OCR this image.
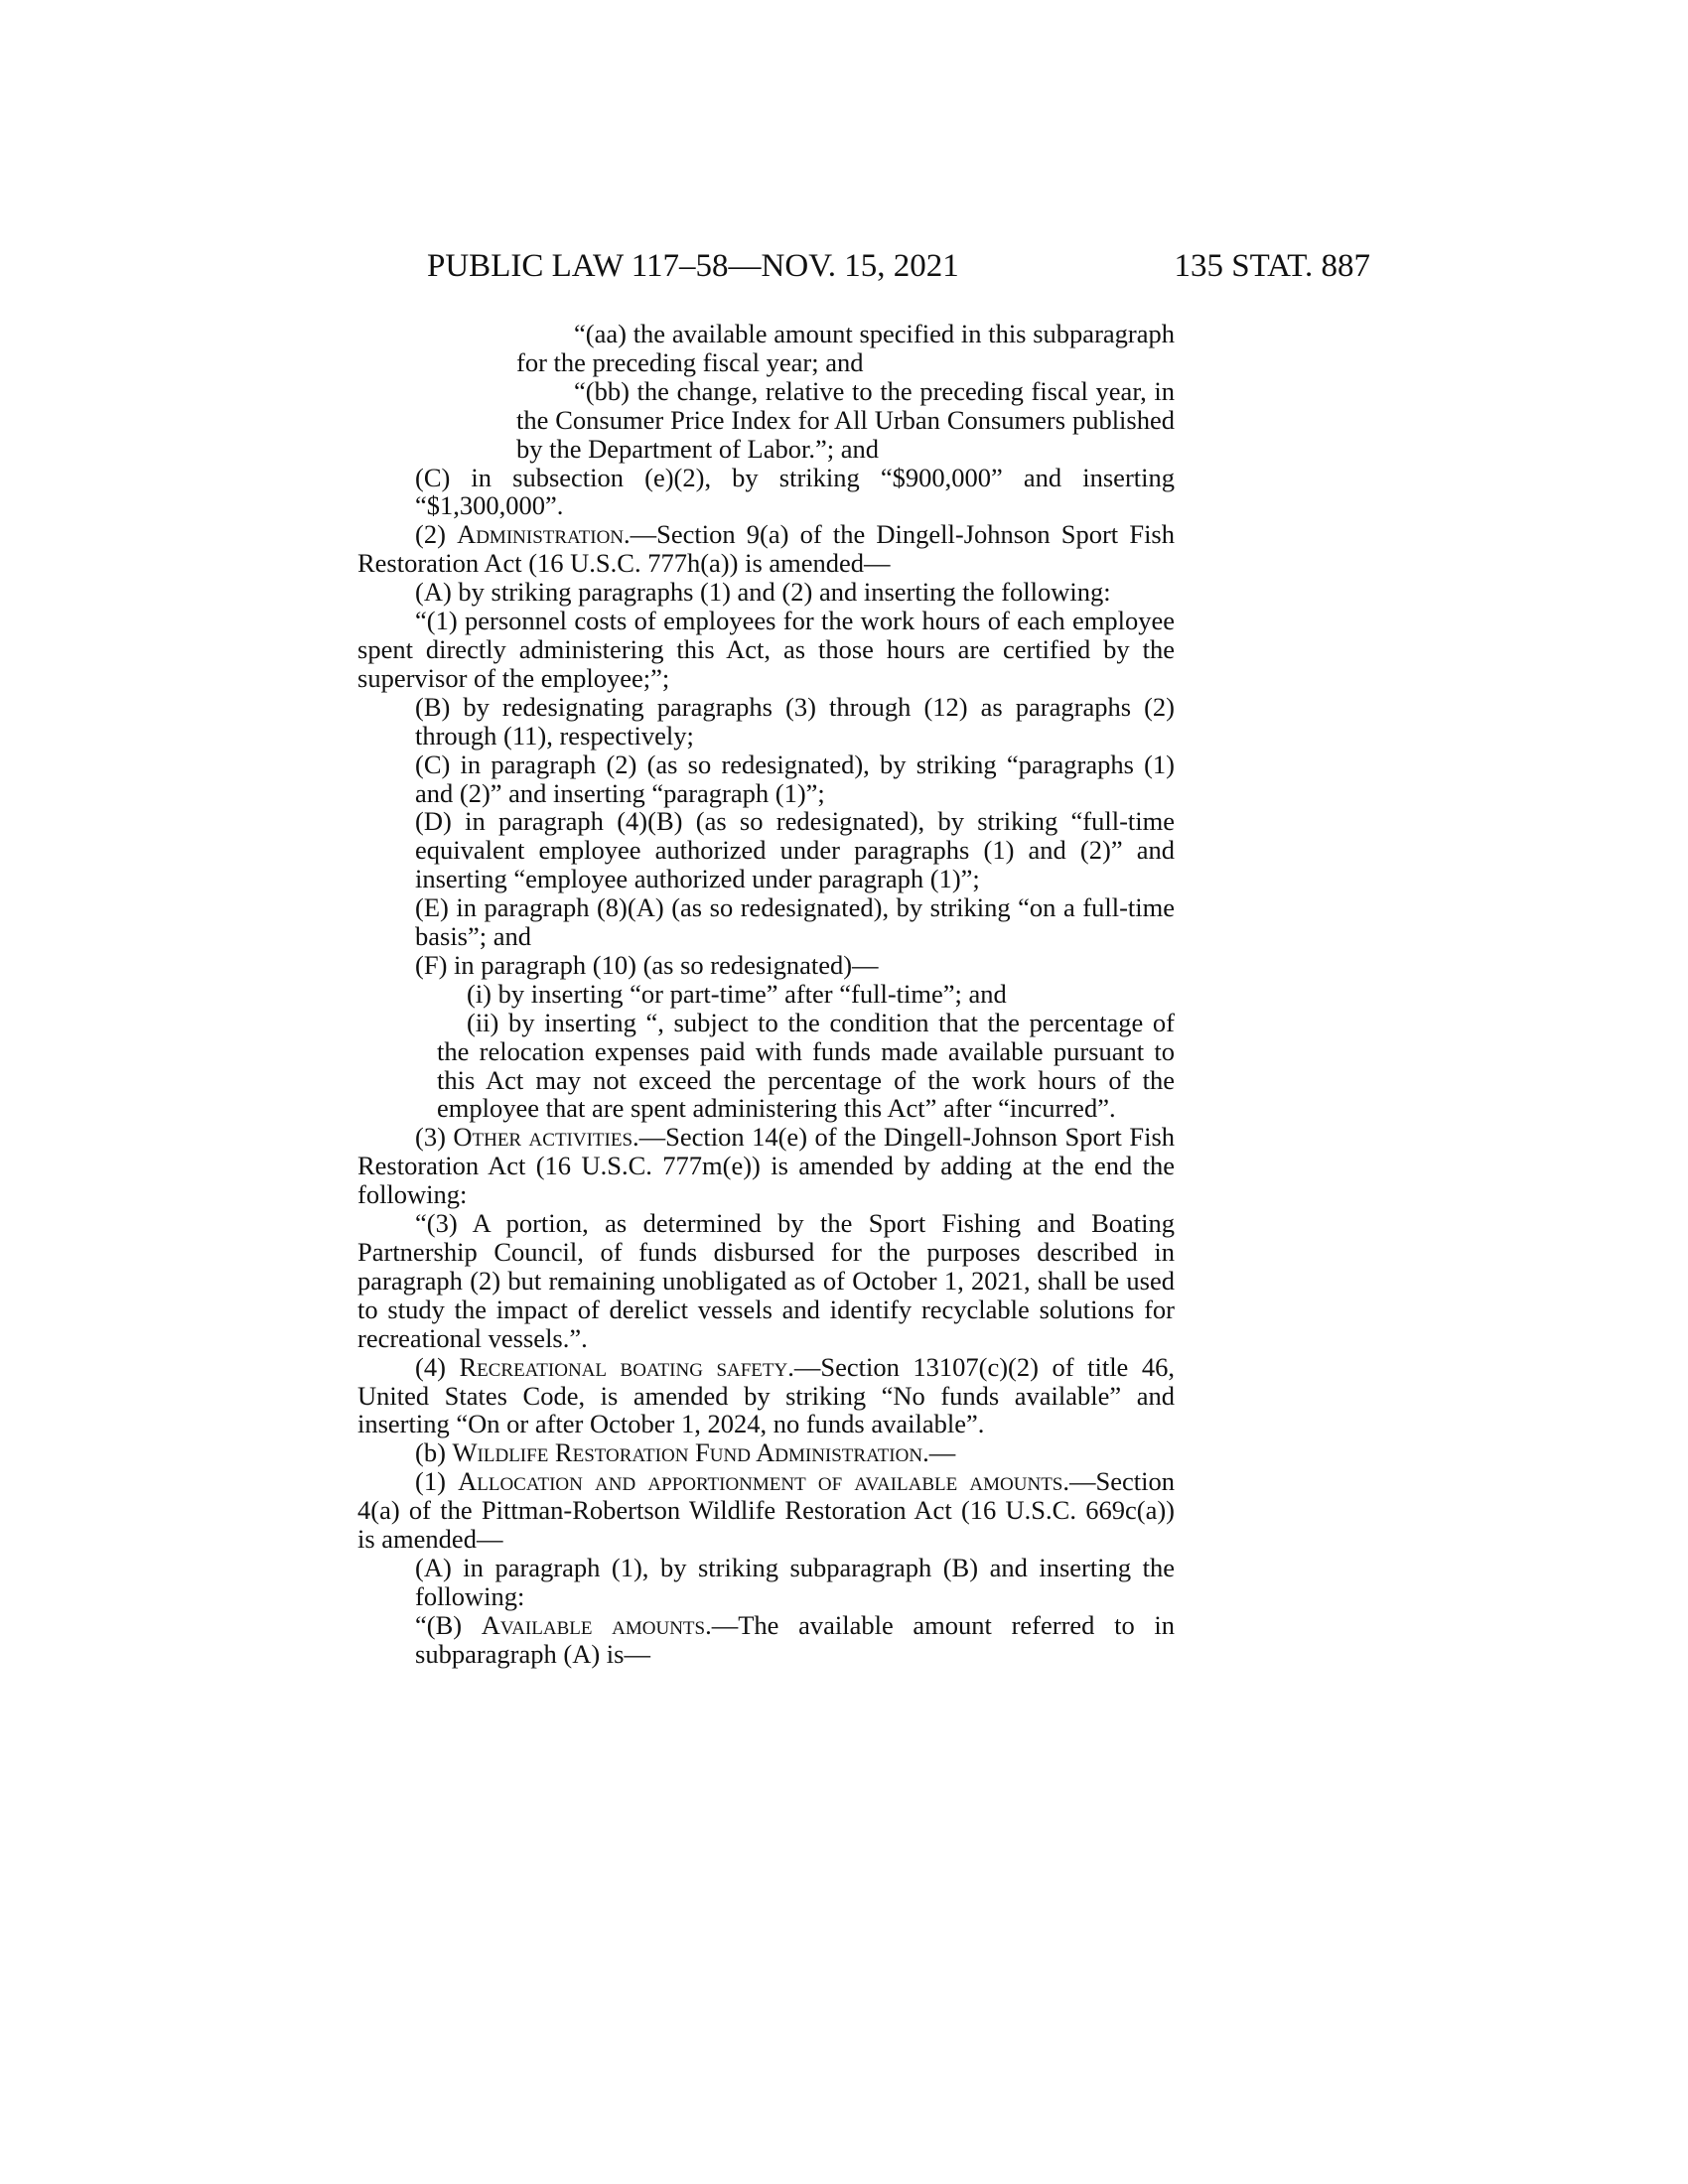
PUBLIC LAW 117–58—NOV. 15, 2021	135 STAT. 887

“(aa) the available amount specified in this subparagraph for the preceding fiscal year; and

“(bb) the change, relative to the preceding fiscal year, in the Consumer Price Index for All Urban Consumers published by the Department of Labor.”; and

(C) in subsection (e)(2), by striking “$900,000” and inserting “$1,300,000”.

(2) Administration.—Section 9(a) of the Dingell-Johnson Sport Fish Restoration Act (16 U.S.C. 777h(a)) is amended—

(A) by striking paragraphs (1) and (2) and inserting the following:

“(1) personnel costs of employees for the work hours of each employee spent directly administering this Act, as those hours are certified by the supervisor of the employee;”;

(B) by redesignating paragraphs (3) through (12) as paragraphs (2) through (11), respectively;

(C) in paragraph (2) (as so redesignated), by striking “paragraphs (1) and (2)” and inserting “paragraph (1)”;

(D) in paragraph (4)(B) (as so redesignated), by striking “full-time equivalent employee authorized under paragraphs (1) and (2)” and inserting “employee authorized under paragraph (1)”;

(E) in paragraph (8)(A) (as so redesignated), by striking “on a full-time basis”; and

(F) in paragraph (10) (as so redesignated)—

(i) by inserting “or part-time” after “full-time”; and

(ii) by inserting “, subject to the condition that the percentage of the relocation expenses paid with funds made available pursuant to this Act may not exceed the percentage of the work hours of the employee that are spent administering this Act” after “incurred”.

(3) Other activities.—Section 14(e) of the Dingell-Johnson Sport Fish Restoration Act (16 U.S.C. 777m(e)) is amended by adding at the end the following:

“(3) A portion, as determined by the Sport Fishing and Boating Partnership Council, of funds disbursed for the purposes described in paragraph (2) but remaining unobligated as of October 1, 2021, shall be used to study the impact of derelict vessels and identify recyclable solutions for recreational vessels.”.

(4) Recreational boating safety.—Section 13107(c)(2) of title 46, United States Code, is amended by striking “No funds available” and inserting “On or after October 1, 2024, no funds available”.

(b) Wildlife Restoration Fund Administration.—

(1) Allocation and apportionment of available amounts.—Section 4(a) of the Pittman-Robertson Wildlife Restoration Act (16 U.S.C. 669c(a)) is amended—

(A) in paragraph (1), by striking subparagraph (B) and inserting the following:

“(B) Available amounts.—The available amount referred to in subparagraph (A) is—
